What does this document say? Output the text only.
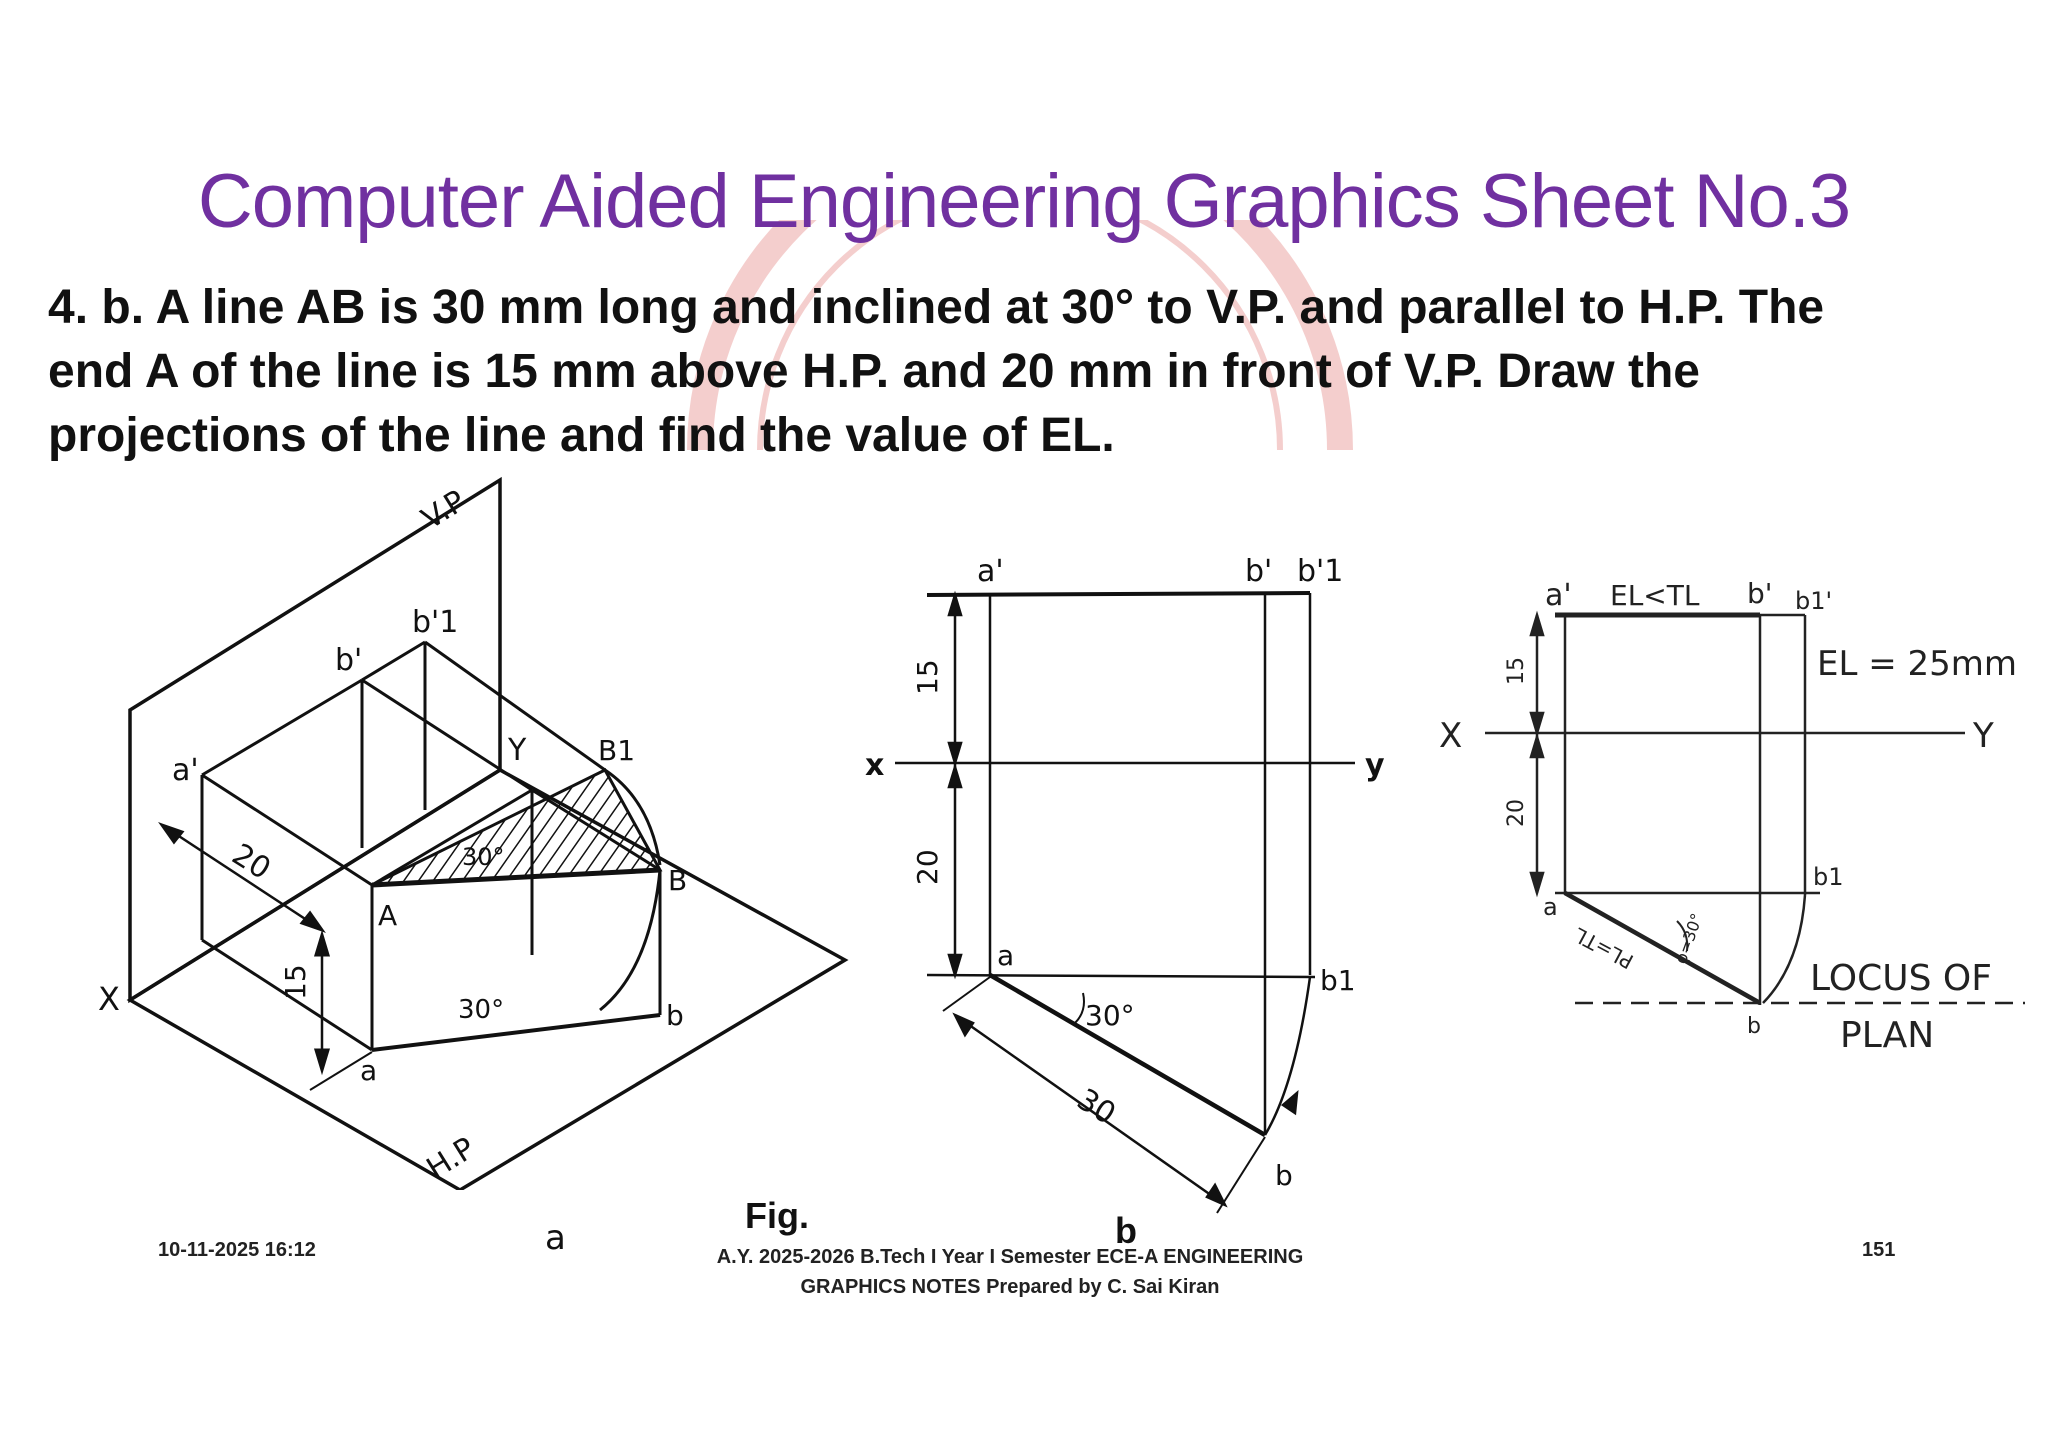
Computer Aided Engineering Graphics Sheet No.3
4. b. A line AB is 30 mm long and inclined at 30° to V.P. and parallel to H.P. The
end A of the line is 15 mm above H.P. and 20 mm in front of V.P. Draw the
projections of the line and find the value of EL.
V.P
H.P
X
Y
a'
b'
b'1
B1
A
B
a
b
20
15
30°
30°
a'	b' b'1
x	y
15
20
30
30°
a
b
b1
a' EL<TL b' b1'
EL = 25mm
X	Y
15
20
a
b
b1
PL=TL φ=30°
LOCUS OF
PLAN
a
Fig.	b
10-11-2025 16:12	A.Y. 2025-2026 B.Tech I Year I Semester ECE-A ENGINEERING
GRAPHICS NOTES Prepared by C. Sai Kiran
151
